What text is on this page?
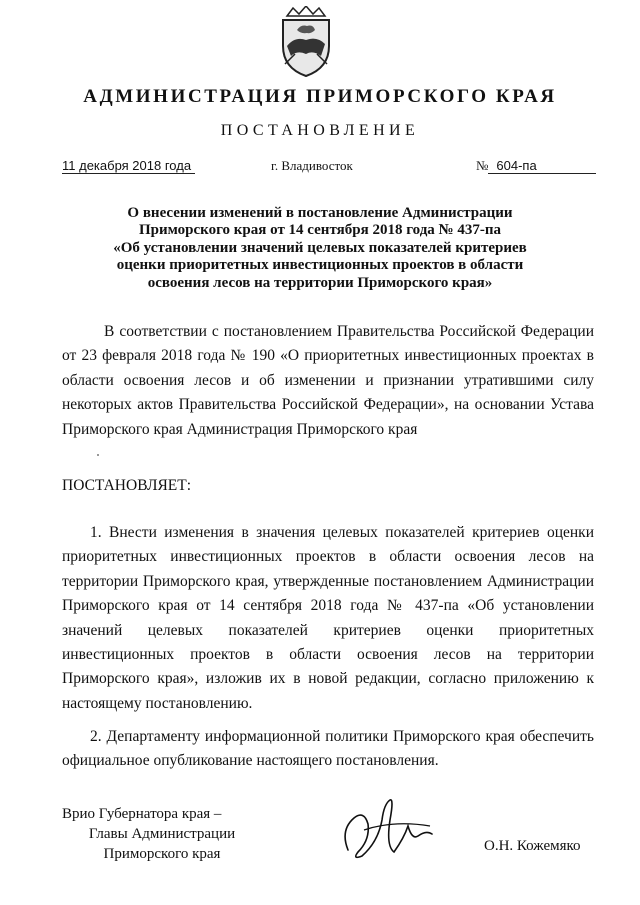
АДМИНИСТРАЦИЯ ПРИМОРСКОГО КРАЯ
ПОСТАНОВЛЕНИЕ
11 декабря 2018 года	г. Владивосток	№ 604-па
О внесении изменений в постановление Администрации
Приморского края от 14 сентября 2018 года № 437-па
«Об установлении значений целевых показателей критериев
оценки приоритетных инвестиционных проектов в области
освоения лесов на территории Приморского края»
В соответствии с постановлением Правительства Российской Федерации
от 23 февраля 2018 года № 190 «О приоритетных инвестиционных проектах в
области освоения лесов и об изменении и признании утратившими силу
некоторых актов Правительства Российской Федерации», на основании Устава
Приморского края Администрация Приморского края
ПОСТАНОВЛЯЕТ:
1. Внести изменения в значения целевых показателей критериев оценки
приоритетных инвестиционных проектов в области освоения лесов на
территории Приморского края, утвержденные постановлением Администрации
Приморского края от 14 сентября 2018 года № 437-па «Об установлении
значений целевых показателей критериев оценки приоритетных
инвестиционных проектов в области освоения лесов на территории
Приморского края», изложив их в новой редакции, согласно приложению к
настоящему постановлению.
2. Департаменту информационной политики Приморского края обеспечить
официальное опубликование настоящего постановления.
Врио Губернатора края –
Главы Администрации
Приморского края	О.Н. Кожемяко
